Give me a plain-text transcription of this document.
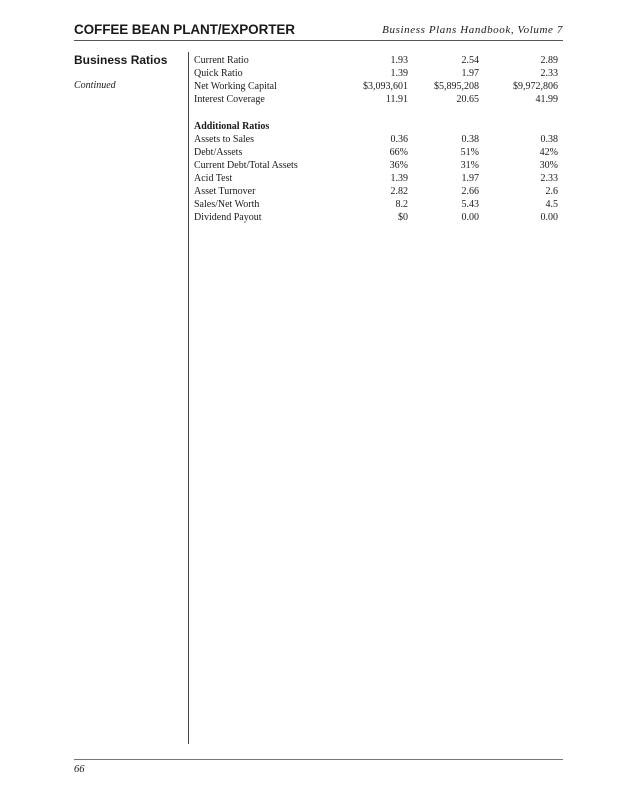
COFFEE BEAN PLANT/EXPORTER	Business Plans Handbook, Volume 7
Business Ratios
Continued
Current Ratio	1.93	2.54	2.89
Quick Ratio	1.39	1.97	2.33
Net Working Capital	$3,093,601	$5,895,208	$9,972,806
Interest Coverage	11.91	20.65	41.99
Additional Ratios
Assets to Sales	0.36	0.38	0.38
Debt/Assets	66%	51%	42%
Current Debt/Total Assets	36%	31%	30%
Acid Test	1.39	1.97	2.33
Asset Turnover	2.82	2.66	2.6
Sales/Net Worth	8.2	5.43	4.5
Dividend Payout	$0	0.00	0.00
66
